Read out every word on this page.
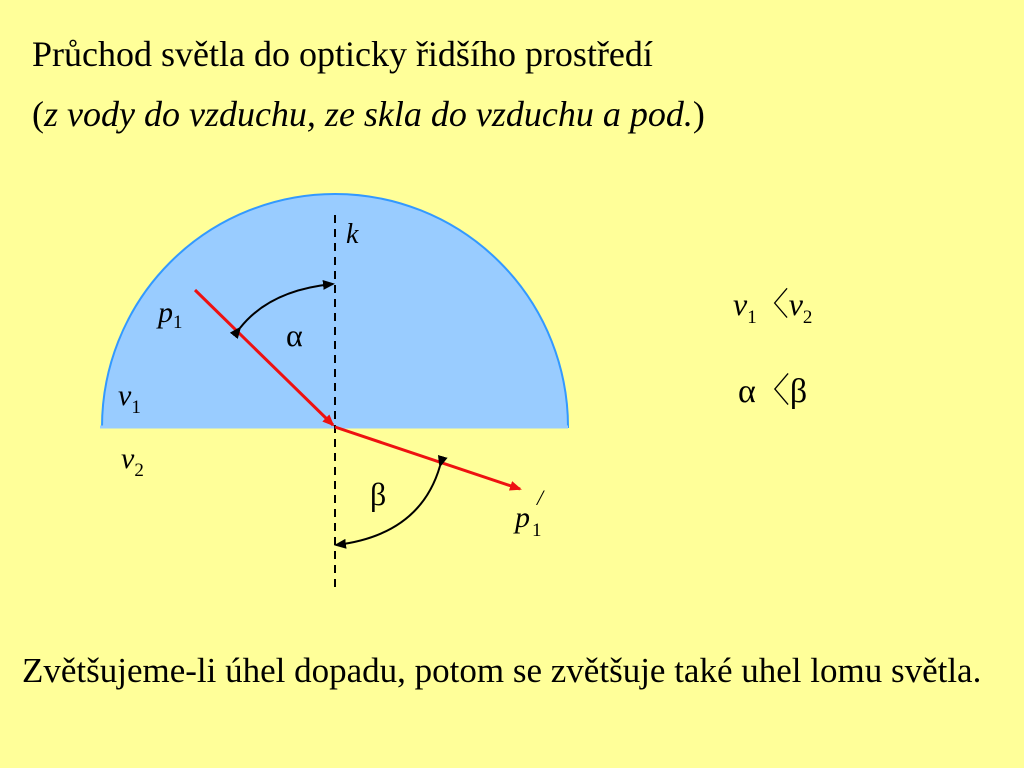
Průchod světla do opticky řidšího prostředí
(z vody do vzduchu, ze skla do vzduchu a pod.)
k
$p_1$	α
$v_1$
$v_2$
β
p 1
/
$v_1$〈$v_2$
α〈β
Zvětšujeme-li úhel dopadu, potom se zvětšuje také uhel lomu světla.
